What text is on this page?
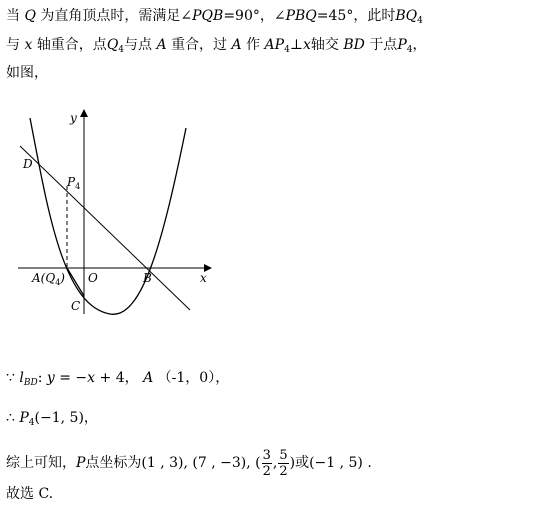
当 Q 为直角顶点时，需满足∠PQB=90°，∠PBQ=45°，此时$BQ_4$
与 x 轴重合，点$Q_4$与点 A 重合，过 A 作 $AP_4\perp x$轴交 BD 于点$P_4$，
如图，
y
x
D
$P_4$
$A(Q_4)$ O	B
C
∵ $l_{BD}$: y = −x + 4， A （-1，0），
∴ $P_4(-1$, 5)，
综上可知，P点坐标为(1 , 3), (7 , −3), ( $\frac{3}{2}$ , $\frac{5}{2}$ )或(−1 , 5) .
故选 C.
